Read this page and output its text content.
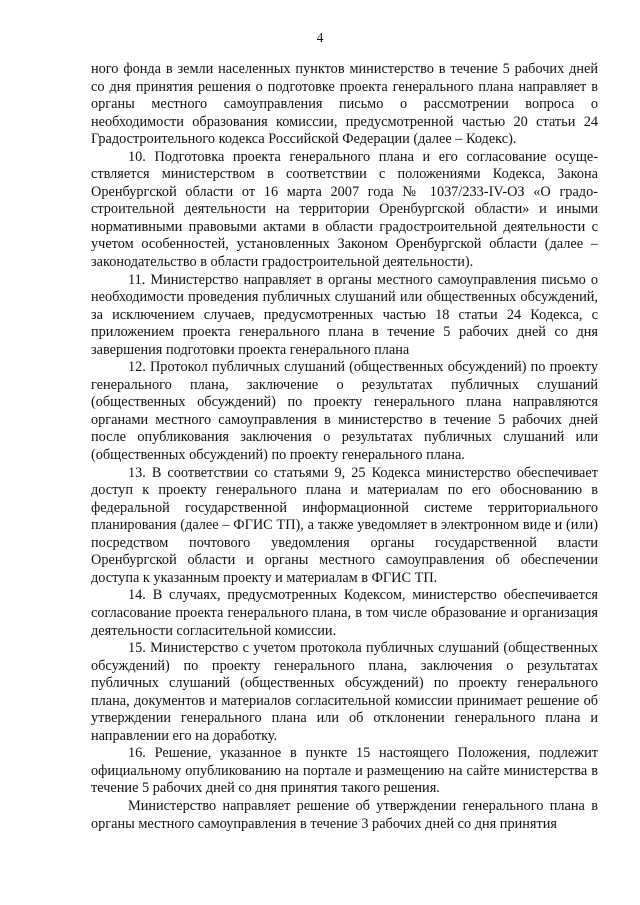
4

ного фонда в земли населенных пунктов министерство в течение 5 рабочих дней со дня принятия решения о подготовке проекта генерального плана направляет в органы местного самоуправления письмо о рассмотрении вопроса о необходимости образования комиссии, предусмотренной частью 20 статьи 24 Градостроительного кодекса Российской Федерации (далее – Кодекс).

10. Подготовка проекта генерального плана и его согласование осуществляется министерством в соответствии с положениями Кодекса, Закона Оренбургской области от 16 марта 2007 года № 1037/233-IV-ОЗ «О градостроительной деятельности на территории Оренбургской области» и иными нормативными правовыми актами в области градостроительной деятельности с учетом особенностей, установленных Законом Оренбургской области (далее – законодательство в области градостроительной деятельности).

11. Министерство направляет в органы местного самоуправления письмо о необходимости проведения публичных слушаний или общественных обсуждений, за исключением случаев, предусмотренных частью 18 статьи 24 Кодекса, с приложением проекта генерального плана в течение 5 рабочих дней со дня завершения подготовки проекта генерального плана

12. Протокол публичных слушаний (общественных обсуждений) по проекту генерального плана, заключение о результатах публичных слушаний (общественных обсуждений) по проекту генерального плана направляются органами местного самоуправления в министерство в течение 5 рабочих дней после опубликования заключения о результатах публичных слушаний или (общественных обсуждений) по проекту генерального плана.

13. В соответствии со статьями 9, 25 Кодекса министерство обеспечивает доступ к проекту генерального плана и материалам по его обоснованию в федеральной государственной информационной системе территориального планирования (далее – ФГИС ТП), а также уведомляет в электронном виде и (или) посредством почтового уведомления органы государственной власти Оренбургской области и органы местного самоуправления об обеспечении доступа к указанным проекту и материалам в ФГИС ТП.

14. В случаях, предусмотренных Кодексом, министерство обеспечивается согласование проекта генерального плана, в том числе образование и организация деятельности согласительной комиссии.

15. Министерство с учетом протокола публичных слушаний (общественных обсуждений) по проекту генерального плана, заключения о результатах публичных слушаний (общественных обсуждений) по проекту генерального плана, документов и материалов согласительной комиссии принимает решение об утверждении генерального плана или об отклонении генерального плана и направлении его на доработку.

16. Решение, указанное в пункте 15 настоящего Положения, подлежит официальному опубликованию на портале и размещению на сайте министерства в течение 5 рабочих дней со дня принятия такого решения.

Министерство направляет решение об утверждении генерального плана в органы местного самоуправления в течение 3 рабочих дней со дня принятия
